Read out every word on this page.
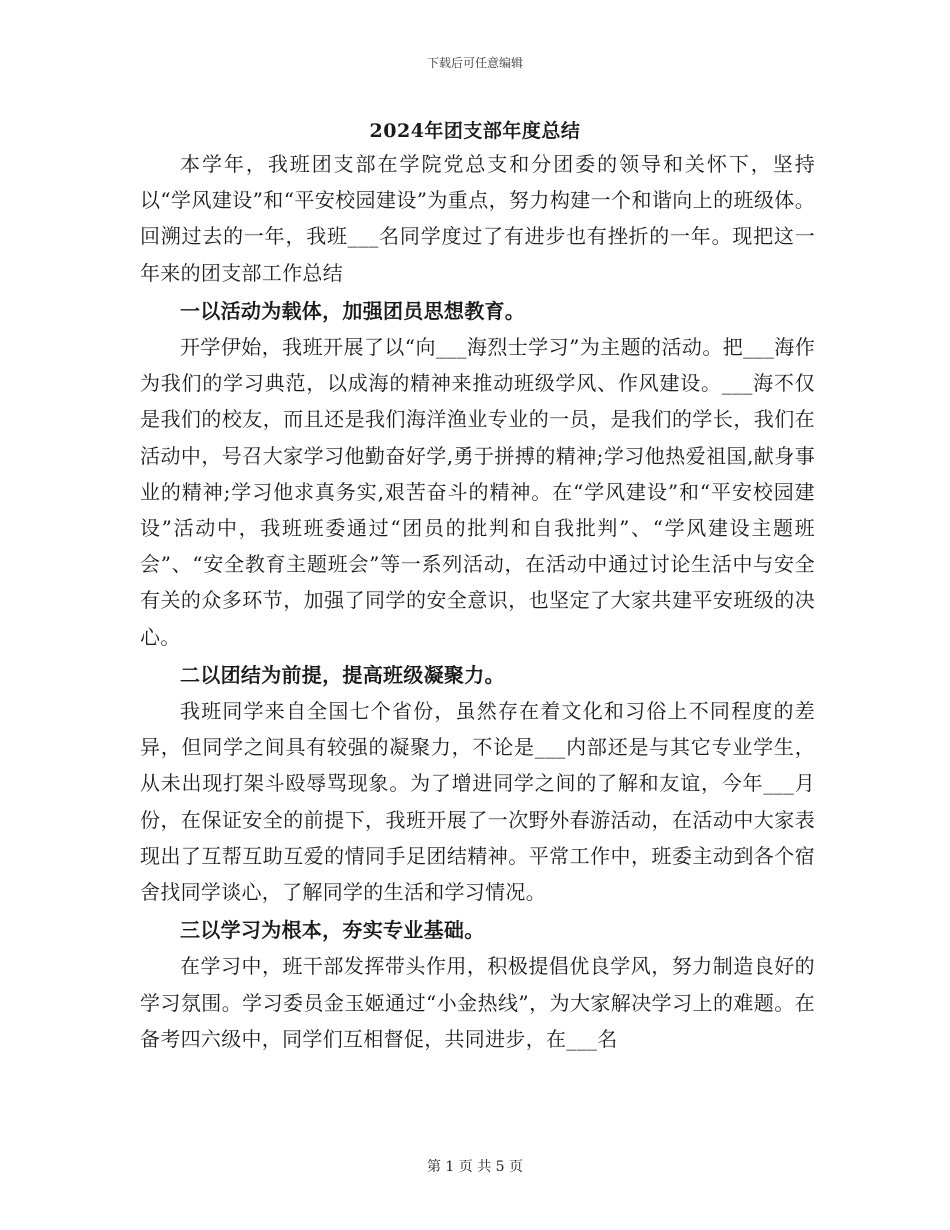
下载后可任意编辑
2024年团支部年度总结

本学年，我班团支部在学院党总支和分团委的领导和关怀下，坚持以“学风建设”和“平安校园建设”为重点，努力构建一个和谐向上的班级体。回溯过去的一年，我班___名同学度过了有进步也有挫折的一年。现把这一年来的团支部工作总结

一以活动为载体，加强团员思想教育。

开学伊始，我班开展了以“向___海烈士学习”为主题的活动。把___海作为我们的学习典范，以成海的精神来推动班级学风、作风建设。___海不仅是我们的校友，而且还是我们海洋渔业专业的一员，是我们的学长，我们在活动中，号召大家学习他勤奋好学,勇于拼搏的精神;学习他热爱祖国,献身事业的精神;学习他求真务实,艰苦奋斗的精神。在“学风建设”和“平安校园建设”活动中，我班班委通过“团员的批判和自我批判”、“学风建设主题班会”、“安全教育主题班会”等一系列活动，在活动中通过讨论生活中与安全有关的众多环节，加强了同学的安全意识，也坚定了大家共建平安班级的决心。

二以团结为前提，提高班级凝聚力。

我班同学来自全国七个省份，虽然存在着文化和习俗上不同程度的差异，但同学之间具有较强的凝聚力，不论是___内部还是与其它专业学生，从未出现打架斗殴辱骂现象。为了增进同学之间的了解和友谊，今年___月份，在保证安全的前提下，我班开展了一次野外春游活动，在活动中大家表现出了互帮互助互爱的情同手足团结精神。平常工作中，班委主动到各个宿舍找同学谈心，了解同学的生活和学习情况。

三以学习为根本，夯实专业基础。

在学习中，班干部发挥带头作用，积极提倡优良学风，努力制造良好的学习氛围。学习委员金玉姬通过“小金热线”，为大家解决学习上的难题。在备考四六级中，同学们互相督促，共同进步，在___名

第 1 页 共 5 页
